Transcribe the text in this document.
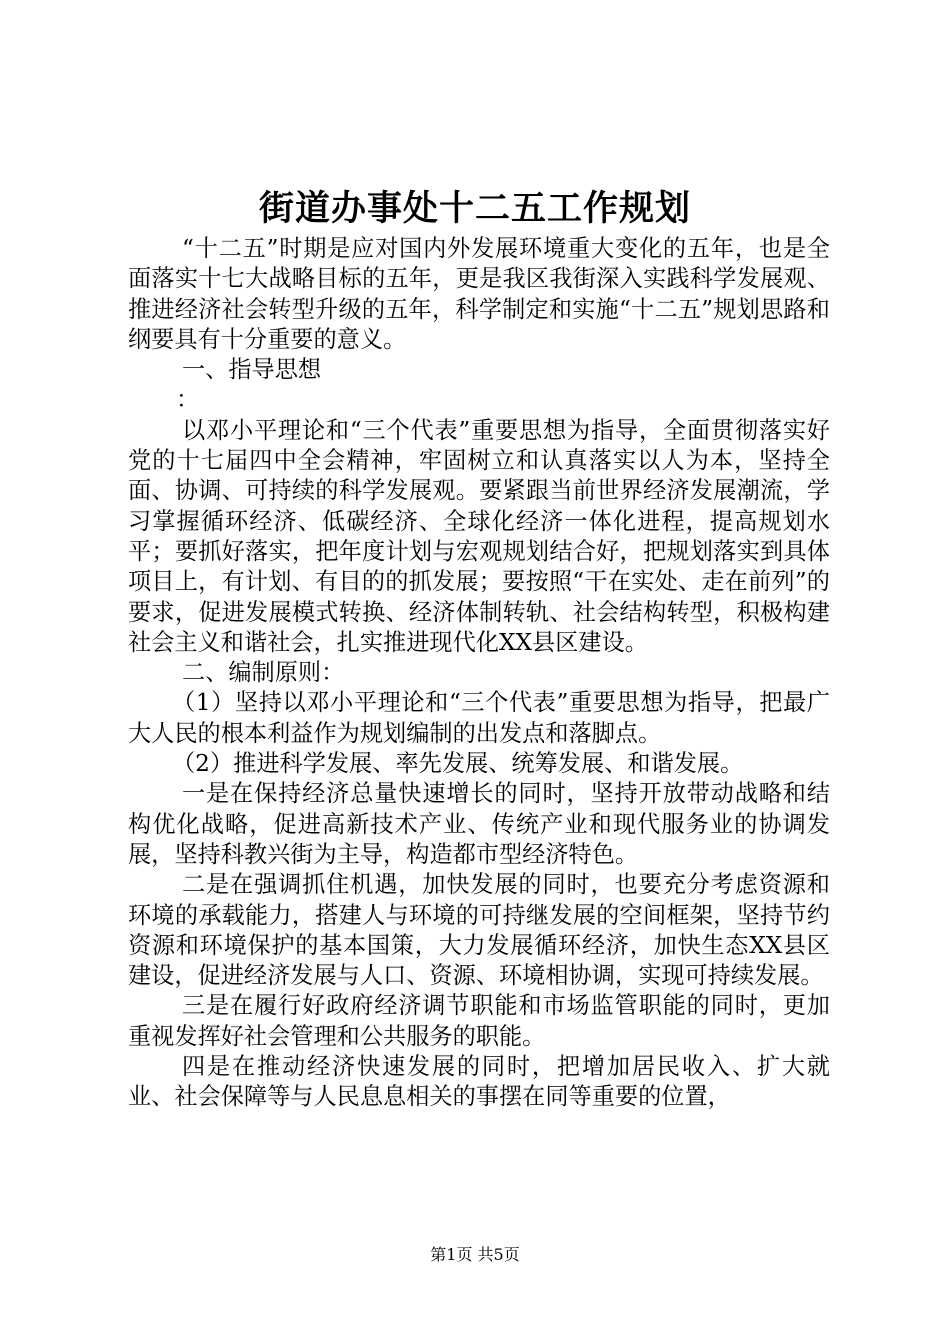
街道办事处十二五工作规划

“十二五”时期是应对国内外发展环境重大变化的五年，也是全面落实十七大战略目标的五年，更是我区我街深入实践科学发展观、推进经济社会转型升级的五年，科学制定和实施“十二五”规划思路和纲要具有十分重要的意义。

一、指导思想

：

以邓小平理论和“三个代表”重要思想为指导，全面贯彻落实好党的十七届四中全会精神，牢固树立和认真落实以人为本，坚持全面、协调、可持续的科学发展观。要紧跟当前世界经济发展潮流，学习掌握循环经济、低碳经济、全球化经济一体化进程，提高规划水平；要抓好落实，把年度计划与宏观规划结合好，把规划落实到具体项目上，有计划、有目的的抓发展；要按照“干在实处、走在前列”的要求，促进发展模式转换、经济体制转轨、社会结构转型，积极构建社会主义和谐社会，扎实推进现代化XX县区建设。

二、编制原则：

（1）坚持以邓小平理论和“三个代表”重要思想为指导，把最广大人民的根本利益作为规划编制的出发点和落脚点。

（2）推进科学发展、率先发展、统筹发展、和谐发展。

一是在保持经济总量快速增长的同时，坚持开放带动战略和结构优化战略，促进高新技术产业、传统产业和现代服务业的协调发展，坚持科教兴街为主导，构造都市型经济特色。

二是在强调抓住机遇，加快发展的同时，也要充分考虑资源和环境的承载能力，搭建人与环境的可持继发展的空间框架，坚持节约资源和环境保护的基本国策，大力发展循环经济，加快生态XX县区建设，促进经济发展与人口、资源、环境相协调，实现可持续发展。

三是在履行好政府经济调节职能和市场监管职能的同时，更加重视发挥好社会管理和公共服务的职能。

四是在推动经济快速发展的同时，把增加居民收入、扩大就业、社会保障等与人民息息相关的事摆在同等重要的位置，

第1页 共5页
